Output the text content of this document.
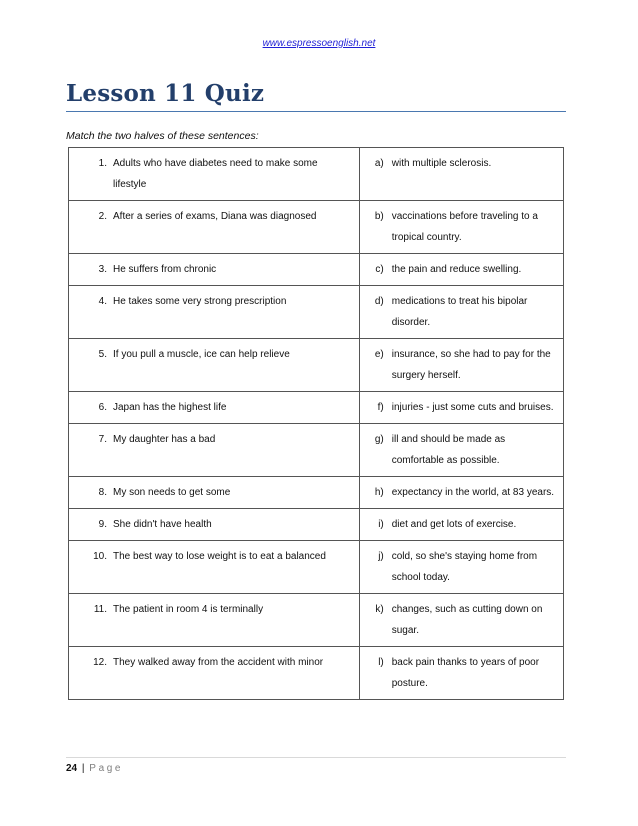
www.espressoenglish.net
Lesson 11 Quiz
Match the two halves of these sentences:
1. Adults who have diabetes need to make some lifestyle	a) with multiple sclerosis.

2. After a series of exams, Diana was diagnosed	b) vaccinations before traveling to a tropical country.

3. He suffers from chronic	c) the pain and reduce swelling.

4. He takes some very strong prescription	d) medications to treat his bipolar disorder.

5. If you pull a muscle, ice can help relieve	e) insurance, so she had to pay for the surgery herself.

6. Japan has the highest life	f) injuries - just some cuts and bruises.

7. My daughter has a bad	g) ill and should be made as comfortable as possible.

8. My son needs to get some	h) expectancy in the world, at 83 years.

9. She didn't have health	i) diet and get lots of exercise.

10. The best way to lose weight is to eat a balanced	j) cold, so she's staying home from school today.

11. The patient in room 4 is terminally	k) changes, such as cutting down on sugar.

12. They walked away from the accident with minor	l) back pain thanks to years of poor posture.
24 | Page
